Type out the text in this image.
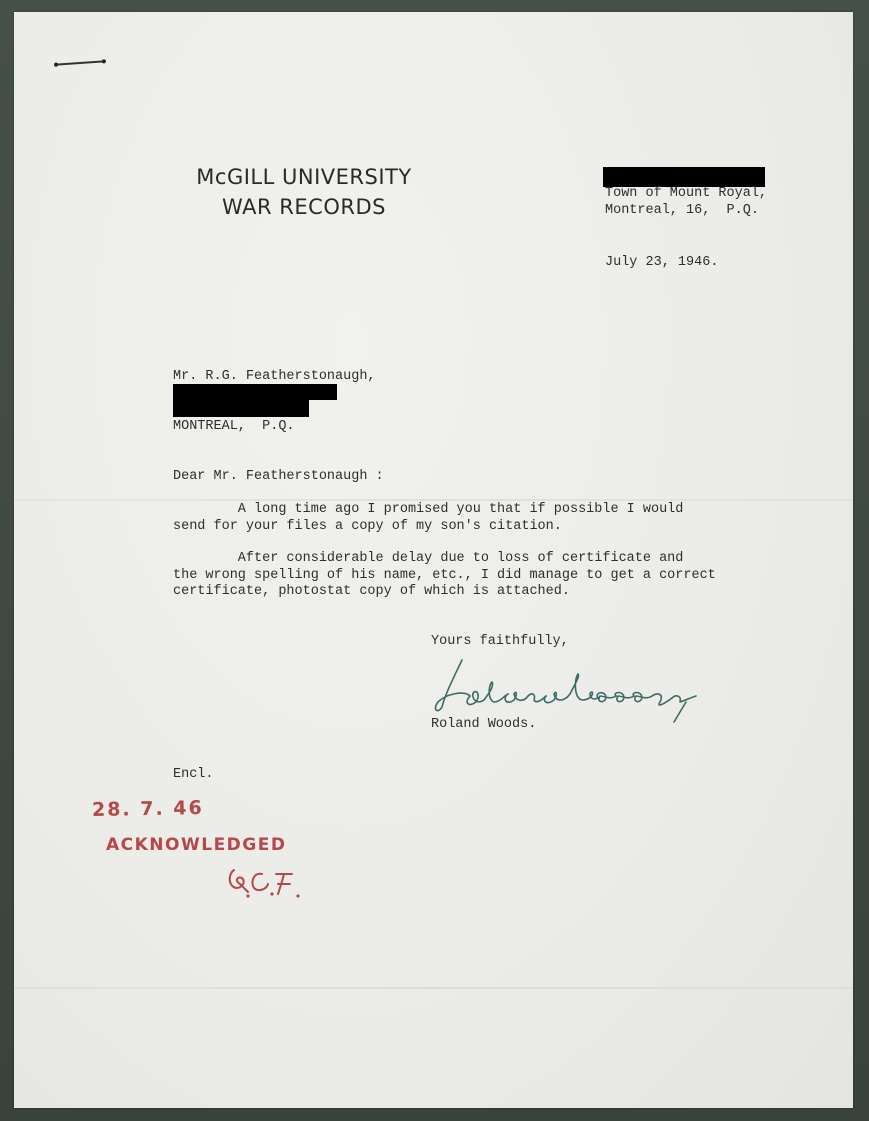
McGILL UNIVERSITY
WAR RECORDS
Town of Mount Royal,
Montreal, 16,  P.Q.
July 23, 1946.
Mr. R.G. Featherstonaugh,
MONTREAL,  P.Q.
Dear Mr. Featherstonaugh :
A long time ago I promised you that if possible I would
send for your files a copy of my son's citation.
After considerable delay due to loss of certificate and
the wrong spelling of his name, etc., I did manage to get a correct
certificate, photostat copy of which is attached.
Yours faithfully,
Roland Woods.
Encl.
28. 7. 46
ACKNOWLEDGED
